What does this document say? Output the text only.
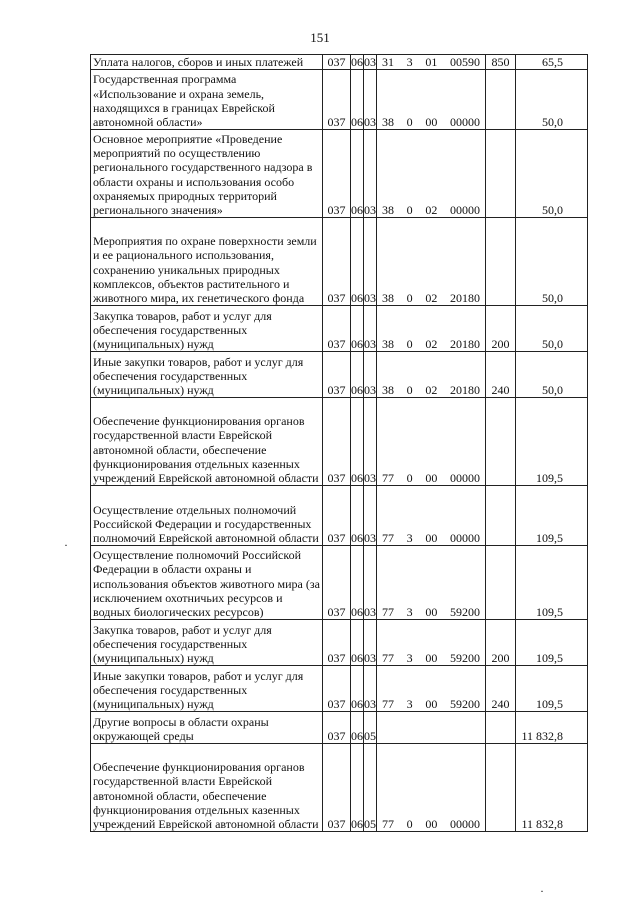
151
Уплата налогов, сборов и иных платежей	037	06	03	31 3 01 00590	850	65,5
Государственная программа «Использование и охрана земель, находящихся в границах Еврейской автономной области»	037	06	03	38 0 00 00000		50,0
Основное мероприятие «Проведение мероприятий по осуществлению регионального государственного надзора в области охраны и использования особо охраняемых природных территорий регионального значения»	037	06	03	38 0 02 00000		50,0
Мероприятия по охране поверхности земли и ее рационального использования, сохранению уникальных природных комплексов, объектов растительного и животного мира, их генетического фонда	037	06	03	38 0 02 20180		50,0
Закупка товаров, работ и услуг для обеспечения государственных (муниципальных) нужд	037	06	03	38 0 02 20180	200	50,0
Иные закупки товаров, работ и услуг для обеспечения государственных (муниципальных) нужд	037	06	03	38 0 02 20180	240	50,0
Обеспечение функционирования органов государственной власти Еврейской автономной области, обеспечение функционирования отдельных казенных учреждений Еврейской автономной области	037	06	03	77 0 00 00000		109,5
Осуществление отдельных полномочий Российской Федерации и государственных полномочий Еврейской автономной области	037	06	03	77 3 00 00000		109,5
Осуществление полномочий Российской Федерации в области охраны и использования объектов животного мира (за исключением охотничьих ресурсов и водных биологических ресурсов)	037	06	03	77 3 00 59200		109,5
Закупка товаров, работ и услуг для обеспечения государственных (муниципальных) нужд	037	06	03	77 3 00 59200	200	109,5
Иные закупки товаров, работ и услуг для обеспечения государственных (муниципальных) нужд	037	06	03	77 3 00 59200	240	109,5
Другие вопросы в области охраны окружающей среды	037	06	05			11 832,8
Обеспечение функционирования органов государственной власти Еврейской автономной области, обеспечение функционирования отдельных казенных учреждений Еврейской автономной области	037	06	05	77 0 00 00000		11 832,8
·
·
